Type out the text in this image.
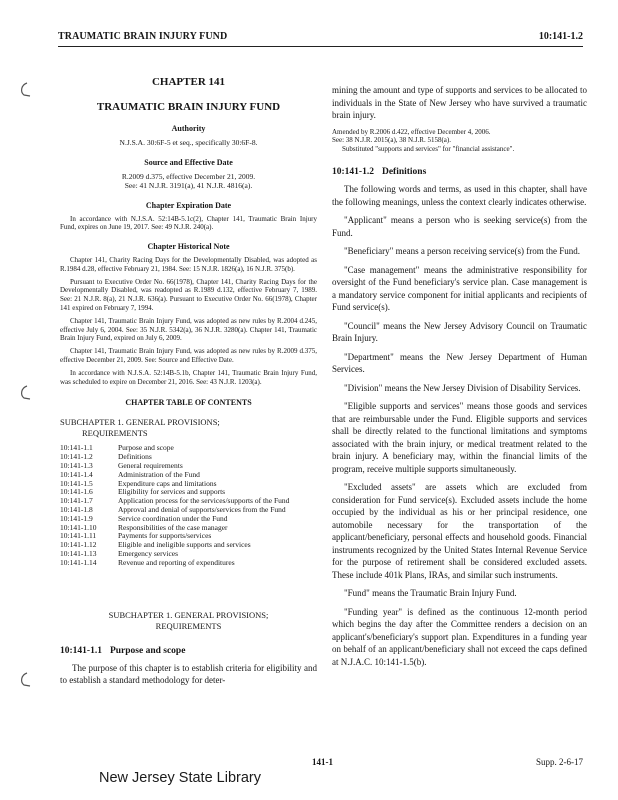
TRAUMATIC BRAIN INJURY FUND	10:141-1.2
CHAPTER 141
TRAUMATIC BRAIN INJURY FUND
Authority
N.J.S.A. 30:6F-5 et seq., specifically 30:6F-8.
Source and Effective Date
R.2009 d.375, effective December 21, 2009.
See: 41 N.J.R. 3191(a), 41 N.J.R. 4816(a).
Chapter Expiration Date

In accordance with N.J.S.A. 52:14B-5.1c(2), Chapter 141, Traumatic Brain Injury Fund, expires on June 19, 2017. See: 49 N.J.R. 240(a).

Chapter Historical Note

Chapter 141, Charity Racing Days for the Developmentally Disabled, was adopted as R.1984 d.28, effective February 21, 1984. See: 15 N.J.R. 1826(a), 16 N.J.R. 375(b).

Pursuant to Executive Order No. 66(1978), Chapter 141, Charity Racing Days for the Developmentally Disabled, was readopted as R.1989 d.132, effective February 7, 1989. See: 21 N.J.R. 8(a), 21 N.J.R. 636(a). Pursuant to Executive Order No. 66(1978), Chapter 141 expired on February 7, 1994.

Chapter 141, Traumatic Brain Injury Fund, was adopted as new rules by R.2004 d.245, effective July 6, 2004. See: 35 N.J.R. 5342(a), 36 N.J.R. 3280(a). Chapter 141, Traumatic Brain Injury Fund, expired on July 6, 2009.

Chapter 141, Traumatic Brain Injury Fund, was adopted as new rules by R.2009 d.375, effective December 21, 2009. See: Source and Effective Date.

In accordance with N.J.S.A. 52:14B-5.1b, Chapter 141, Traumatic Brain Injury Fund, was scheduled to expire on December 21, 2016. See: 43 N.J.R. 1203(a).

CHAPTER TABLE OF CONTENTS
SUBCHAPTER 1. GENERAL PROVISIONS;
REQUIREMENTS
10:141-1.1	Purpose and scope
10:141-1.2	Definitions
10:141-1.3	General requirements
10:141-1.4	Administration of the Fund
10:141-1.5	Expenditure caps and limitations
10:141-1.6	Eligibility for services and supports
10:141-1.7	Application process for the services/supports of the Fund
10:141-1.8	Approval and denial of supports/services from the Fund
10:141-1.9	Service coordination under the Fund
10:141-1.10	Responsibilities of the case manager
10:141-1.11	Payments for supports/services
10:141-1.12	Eligible and ineligible supports and services
10:141-1.13	Emergency services
10:141-1.14	Revenue and reporting of expenditures
SUBCHAPTER 1. GENERAL PROVISIONS;
REQUIREMENTS
10:141-1.1 Purpose and scope

The purpose of this chapter is to establish criteria for eligibility and to establish a standard methodology for deter-

mining the amount and type of supports and services to be allocated to individuals in the State of New Jersey who have survived a traumatic brain injury.

Amended by R.2006 d.422, effective December 4, 2006.
See: 38 N.J.R. 2015(a), 38 N.J.R. 5158(a).
Substituted "supports and services" for "financial assistance".
10:141-1.2 Definitions

The following words and terms, as used in this chapter, shall have the following meanings, unless the context clearly indicates otherwise.

"Applicant" means a person who is seeking service(s) from the Fund.

"Beneficiary" means a person receiving service(s) from the Fund.

"Case management" means the administrative responsibility for oversight of the Fund beneficiary's service plan. Case management is a mandatory service component for initial applicants and recipients of Fund service(s).

"Council" means the New Jersey Advisory Council on Traumatic Brain Injury.

"Department" means the New Jersey Department of Human Services.

"Division" means the New Jersey Division of Disability Services.

"Eligible supports and services" means those goods and services that are reimbursable under the Fund. Eligible supports and services shall be directly related to the functional limitations and symptoms associated with the brain injury, or medical treatment related to the brain injury. A beneficiary may, within the financial limits of the program, receive multiple supports simultaneously.

"Excluded assets" are assets which are excluded from consideration for Fund service(s). Excluded assets include the home occupied by the individual as his or her principal residence, one automobile necessary for the transportation of the applicant/beneficiary, personal effects and household goods. Financial instruments recognized by the United States Internal Revenue Service for the purpose of retirement shall be considered excluded assets. These include 401k Plans, IRAs, and similar such instruments.

"Fund" means the Traumatic Brain Injury Fund.

"Funding year" is defined as the continuous 12-month period which begins the day after the Committee renders a decision on an applicant's/beneficiary's support plan. Expenditures in a funding year on behalf of an applicant/beneficiary shall not exceed the caps defined at N.J.A.C. 10:141-1.5(b).

141-1	Supp. 2-6-17
New Jersey State Library
